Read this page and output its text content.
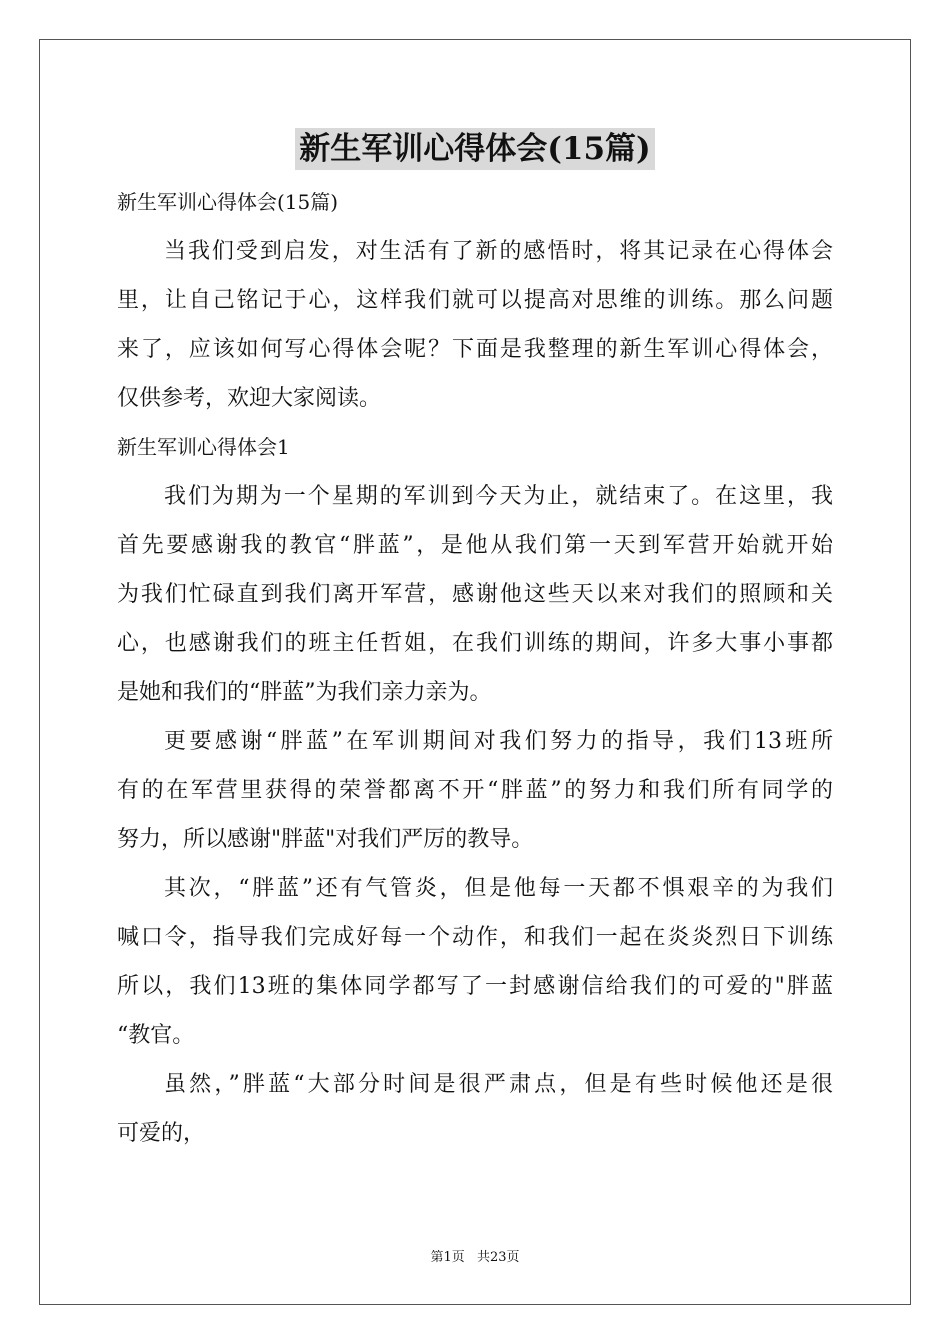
新生军训心得体会(15篇)
新生军训心得体会(15篇)
当我们受到启发，对生活有了新的感悟时，将其记录在心得体会
里，让自己铭记于心，这样我们就可以提高对思维的训练。那么问题
来了，应该如何写心得体会呢？下面是我整理的新生军训心得体会，
仅供参考，欢迎大家阅读。
新生军训心得体会1
我们为期为一个星期的军训到今天为止，就结束了。在这里，我
首先要感谢我的教官“胖蓝”，是他从我们第一天到军营开始就开始
为我们忙碌直到我们离开军营，感谢他这些天以来对我们的照顾和关
心，也感谢我们的班主任哲姐，在我们训练的期间，许多大事小事都
是她和我们的“胖蓝”为我们亲力亲为。
更要感谢“胖蓝”在军训期间对我们努力的指导，我们13班所
有的在军营里获得的荣誉都离不开“胖蓝”的努力和我们所有同学的
努力，所以感谢"胖蓝"对我们严厉的教导。
其次，“胖蓝”还有气管炎，但是他每一天都不惧艰辛的为我们
喊口令，指导我们完成好每一个动作，和我们一起在炎炎烈日下训练
所以，我们13班的集体同学都写了一封感谢信给我们的可爱的"胖蓝
“教官。
虽然，”胖蓝“大部分时间是很严肃点，但是有些时候他还是很
可爱的，
第1页 共23页
